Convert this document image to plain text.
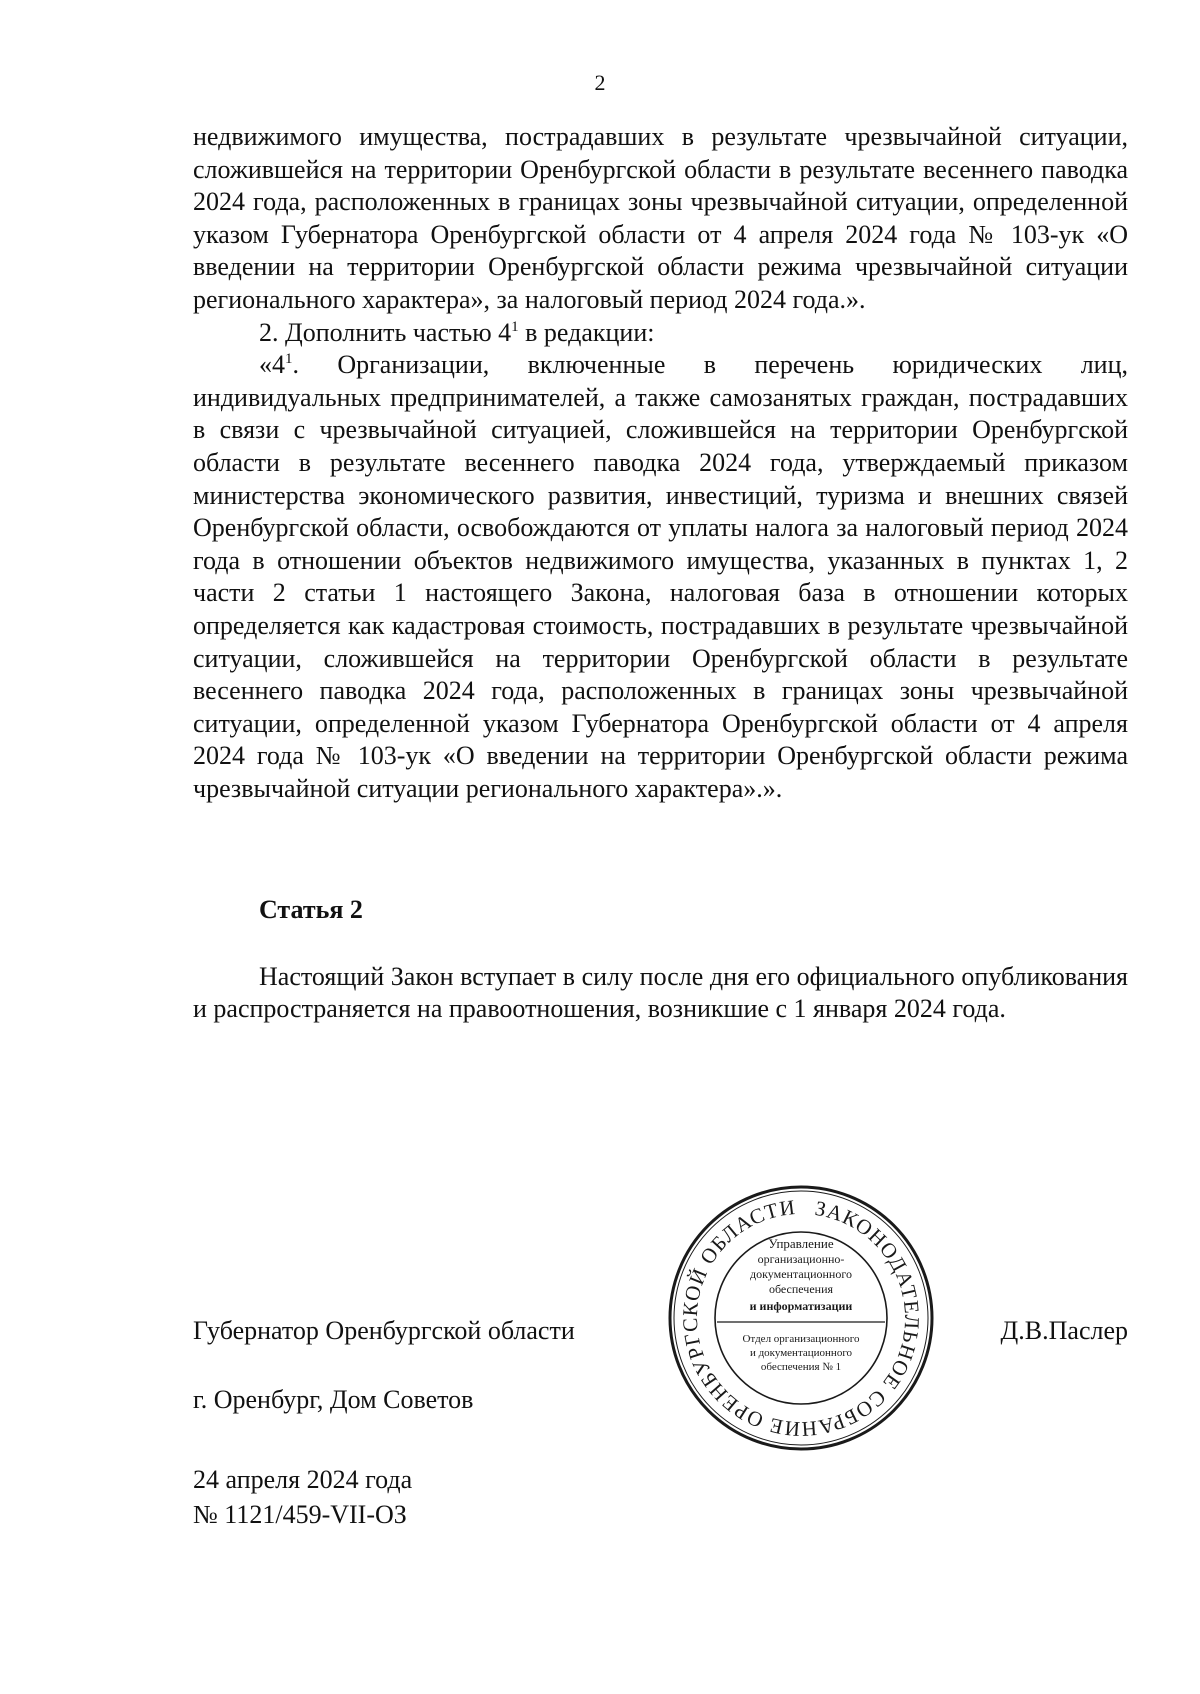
2

недвижимого имущества, пострадавших в результате чрезвычайной ситуации, сложившейся на территории Оренбургской области в результате весеннего паводка 2024 года, расположенных в границах зоны чрезвычайной ситуации, определенной указом Губернатора Оренбургской области от 4 апреля 2024 года № 103-ук «О введении на территории Оренбургской области режима чрезвычайной ситуации регионального характера», за налоговый период 2024 года.».

2. Дополнить частью $4^1$ в редакции:

«$4^1$. Организации, включенные в перечень юридических лиц, индивидуальных предпринимателей, а также самозанятых граждан, пострадавших в связи с чрезвычайной ситуацией, сложившейся на территории Оренбургской области в результате весеннего паводка 2024 года, утверждаемый приказом министерства экономического развития, инвестиций, туризма и внешних связей Оренбургской области, освобождаются от уплаты налога за налоговый период 2024 года в отношении объектов недвижимого имущества, указанных в пунктах 1, 2 части 2 статьи 1 настоящего Закона, налоговая база в отношении которых определяется как кадастровая стоимость, пострадавших в результате чрезвычайной ситуации, сложившейся на территории Оренбургской области в результате весеннего паводка 2024 года, расположенных в границах зоны чрезвычайной ситуации, определенной указом Губернатора Оренбургской области от 4 апреля 2024 года № 103-ук «О введении на территории Оренбургской области режима чрезвычайной ситуации регионального характера».».

Статья 2

Настоящий Закон вступает в силу после дня его официального опубликования и распространяется на правоотношения, возникшие с 1 января 2024 года.

ЗАКОНОДАТЕЛЬНОЕ СОБРАНИЕ ОРЕНБУРГСКОЙ ОБЛАСТИ
Управление
организационно-
документационного
обеспечения
и информатизации
Отдел организационного
и документационного
обеспечения № 1
Губернатор Оренбургской области	Д.В.Паслер
г. Оренбург, Дом Советов
24 апреля 2024 года
№ 1121/459-VII-ОЗ
